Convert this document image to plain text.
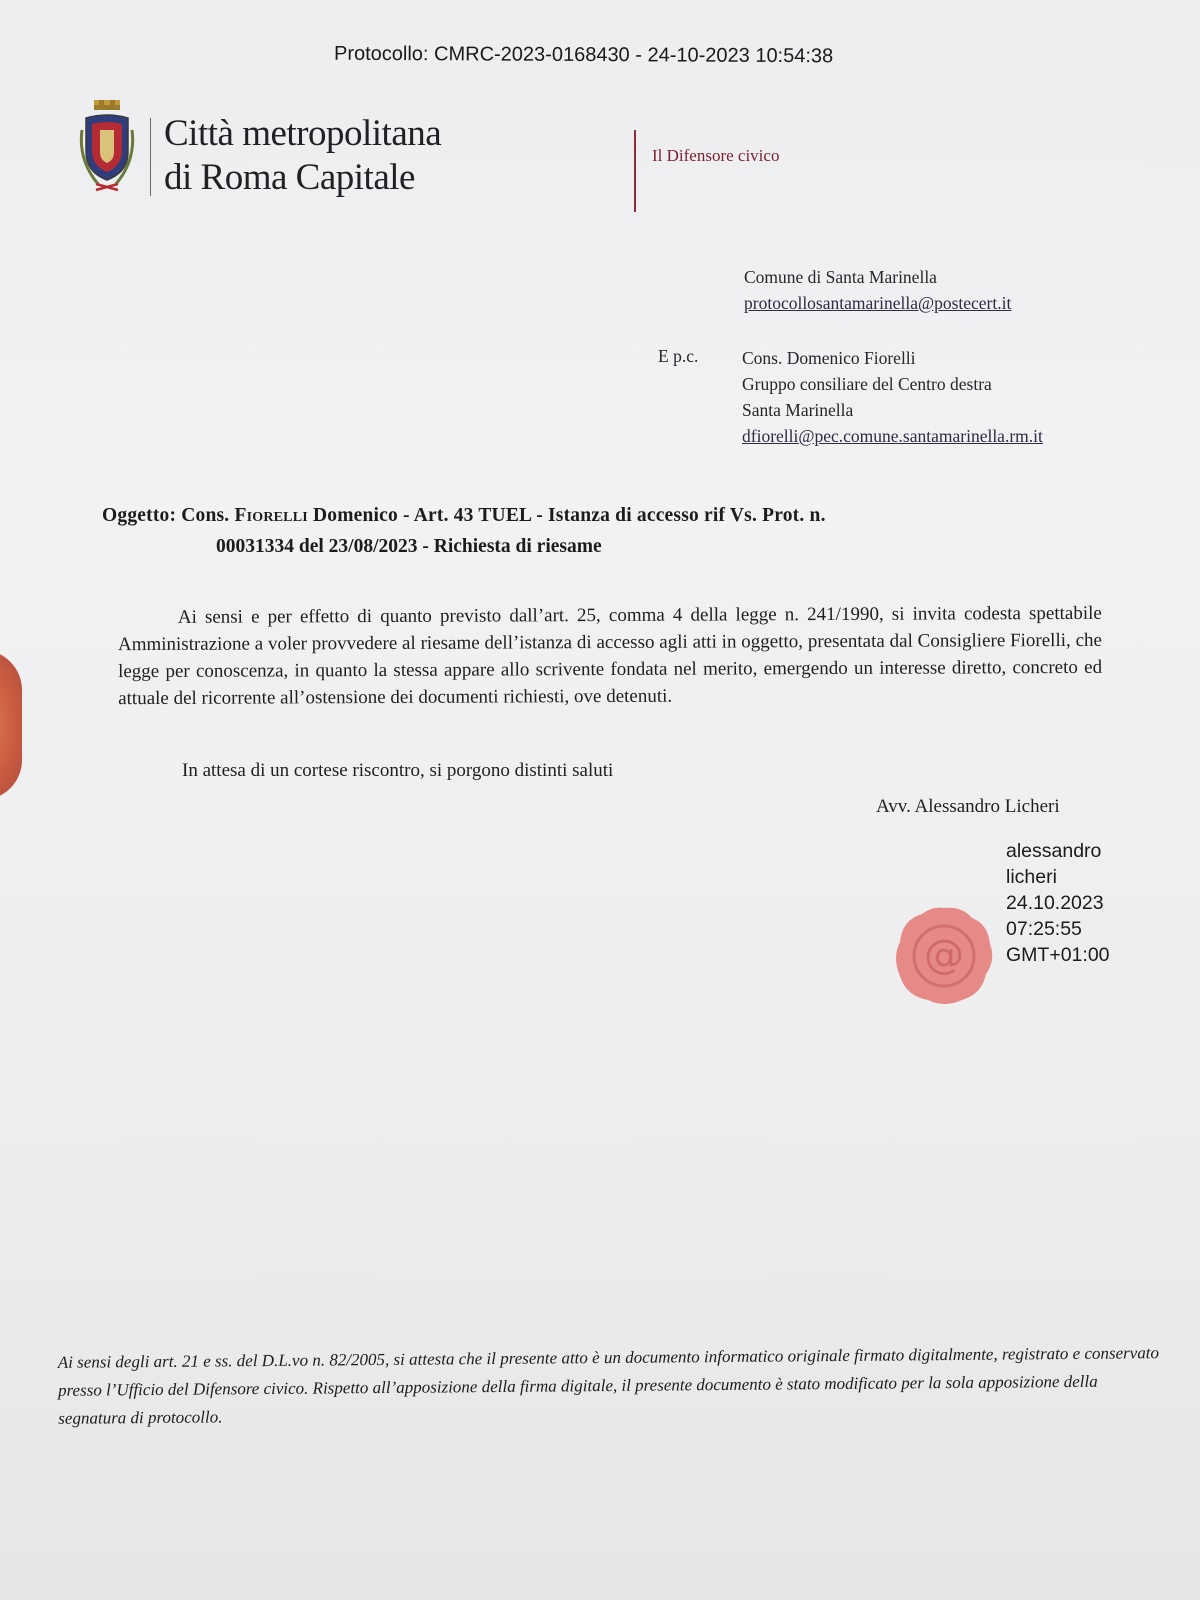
Protocollo: CMRC-2023-0168430 - 24-10-2023 10:54:38
Città metropolitana
di Roma Capitale
Il Difensore civico
Comune di Santa Marinella
protocollosantamarinella@postecert.it
E p.c. Cons. Domenico Fiorelli
Gruppo consiliare del Centro destra
Santa Marinella
dfiorelli@pec.comune.santamarinella.rm.it
Oggetto: Cons. Fiorelli Domenico - Art. 43 TUEL - Istanza di accesso rif Vs. Prot. n.
00031334 del 23/08/2023 - Richiesta di riesame

Ai sensi e per effetto di quanto previsto dall’art. 25, comma 4 della legge n. 241/1990, si invita codesta spettabile Amministrazione a voler provvedere al riesame dell’istanza di accesso agli atti in oggetto, presentata dal Consigliere Fiorelli, che legge per conoscenza, in quanto la stessa appare allo scrivente fondata nel merito, emergendo un interesse diretto, concreto ed attuale del ricorrente all’ostensione dei documenti richiesti, ove detenuti.

In attesa di un cortese riscontro, si porgono distinti saluti
Avv. Alessandro Licheri
@
alessandro
licheri
24.10.2023
07:25:55
GMT+01:00
Ai sensi degli art. 21 e ss. del D.L.vo n. 82/2005, si attesta che il presente atto è un documento informatico originale firmato digitalmente, registrato e conservato presso l’Ufficio del Difensore civico. Rispetto all’apposizione della firma digitale, il presente documento è stato modificato per la sola apposizione della segnatura di protocollo.
